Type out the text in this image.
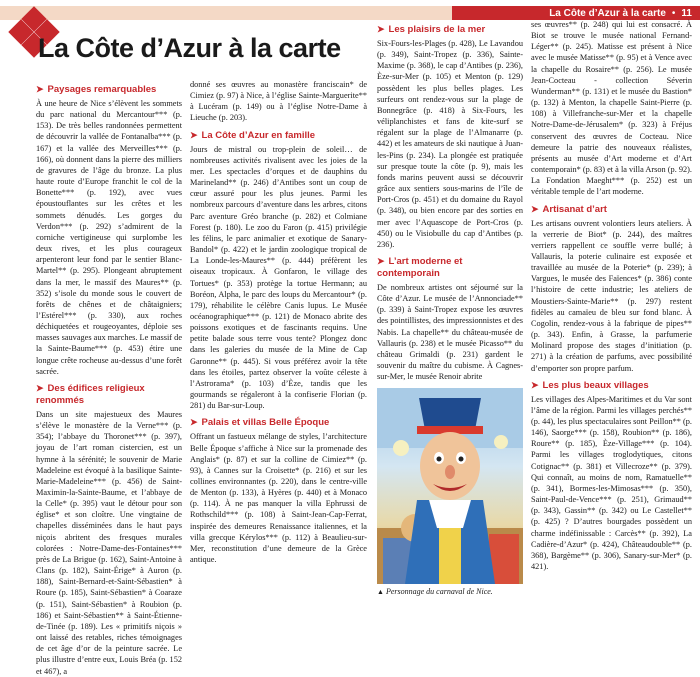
La Côte d’Azur à la carte • 11
La Côte d’Azur à la carte
➤ Paysages remarquables

À une heure de Nice s’élèvent les sommets du parc national du Mercantour*** (p. 153). De très belles randonnées permettent de découvrir la vallée de Fontanalba*** (p. 167) et la vallée des Merveilles*** (p. 166), où donnent dans la pierre des milliers de gravures de l’âge du bronze. La plus haute route d’Europe franchit le col de la Bonette*** (p. 192), avec vues époustouflantes sur les crêtes et les sommets dénudés. Les gorges du Verdon*** (p. 292) s’admirent de la corniche vertigineuse qui surplombe les deux rives, et les plus courageux arpenteront leur fond par le sentier Blanc-Martel** (p. 295). Plongeant abruptement dans la mer, le massif des Maures** (p. 352) s’isole du monde sous le couvert de forêts de chênes et de châtaigniers; l’Estérel*** (p. 330), aux roches déchiquetées et rougeoyantes, déploie ses masses sauvages aux marches. Le massif de la Sainte-Baume*** (p. 453) étire une longue crête rocheuse au-dessus d’une forêt sacrée.

➤ Des édifices religieux renommés

Dans un site majestueux des Maures s’élève le monastère de la Verne*** (p. 354); l’abbaye du Thoronet*** (p. 397), joyau de l’art roman cistercien, est un hymne à la sérénité; le souvenir de Marie Madeleine est évoqué à la basilique Sainte-Marie-Madeleine*** (p. 456) de Saint-Maximin-la-Sainte-Baume, et l’abbaye de la Celle* (p. 395) vaut le détour pour son église* et son cloître. Une vingtaine de chapelles disséminées dans le haut pays niçois abritent des fresques murales colorées : Notre-Dame-des-Fontaines*** près de La Brigue (p. 162), Saint-Antoine à Clans (p. 182), Saint-Érige* à Auron (p. 188), Saint-Bernard-et-Saint-Sébastien* à Roure (p. 185), Saint-Sébastien* à Coaraze (p. 151), Saint-Sébastien* à Roubion (p. 186) et Saint-Sébastien** à Saint-Étienne-de-Tinée (p. 189). Les « primitifs niçois » ont laissé des retables, riches témoignages de cet âge d’or de la peinture sacrée. Le plus illustre d’entre eux, Louis Bréa (p. 152 et 467), a

donné ses œuvres au monastère franciscain* de Cimiez (p. 97) à Nice, à l’église Sainte-Marguerite** à Lucéram (p. 149) ou à l’église Notre-Dame à Lieuche (p. 203).

➤ La Côte d’Azur en famille

Jours de mistral ou trop-plein de soleil… de nombreuses activités rivalisent avec les joies de la mer. Les spectacles d’orques et de dauphins du Marineland** (p. 246) d’Antibes sont un coup de cœur assuré pour les plus jeunes. Parmi les nombreux parcours d’aventure dans les arbres, citons Parc aventure Gréo branche (p. 282) et Colmiane Forest (p. 180). Le zoo du Faron (p. 415) privilégie les félins, le parc animalier et exotique de Sanary-Bandol* (p. 422) et le jardin zoologique tropical de La Londe-les-Maures** (p. 444) préfèrent les oiseaux tropicaux. À Gonfaron, le village des Tortues* (p. 353) protège la tortue Hermann; au Boréon, Alpha, le parc des loups du Mercantour* (p. 179), réhabilite le célèbre Canis lupus. Le Musée océanographique*** (p. 121) de Monaco abrite des poissons exotiques et de fascinants requins. Une petite balade sous terre vous tente? Plongez donc dans les galeries du musée de la Mine de Cap Garonne** (p. 445). Si vous préférez avoir la tête dans les étoiles, partez observer la voûte céleste à l’Astrorama* (p. 103) d’Èze, tandis que les gourmands se régaleront à la confiserie Florian (p. 281) du Bar-sur-Loup.

➤ Palais et villas Belle Époque

Offrant un fastueux mélange de styles, l’architecture Belle Époque s’affiche à Nice sur la promenade des Anglais* (p. 87) et sur la colline de Cimiez** (p. 93), à Cannes sur la Croisette* (p. 216) et sur les collines environnantes (p. 220), dans le centre-ville de Menton (p. 133), à Hyères (p. 440) et à Monaco (p. 114). À ne pas manquer la villa Ephrussi de Rothschild*** (p. 108) à Saint-Jean-Cap-Ferrat, inspirée des demeures Renaissance italiennes, et la villa grecque Kérylos*** (p. 112) à Beaulieu-sur-Mer, reconstitution d’une demeure de la Grèce antique.

➤ Les plaisirs de la mer

Six-Fours-les-Plages (p. 428), Le Lavandou (p. 349), Saint-Tropez (p. 336), Sainte-Maxime (p. 368), le cap d’Antibes (p. 236), Èze-sur-Mer (p. 105) et Menton (p. 129) possèdent les plus belles plages. Les surfeurs ont rendez-vous sur la plage de Bonnegrâce (p. 418) à Six-Fours, les véliplanchistes et fans de kite-surf se régalent sur la plage de l’Almanarre (p. 442) et les amateurs de ski nautique à Juan-les-Pins (p. 234). La plongée est pratiquée sur presque toute la côte (p. 9), mais les fonds marins peuvent aussi se découvrir grâce aux sentiers sous-marins de l’île de Port-Cros (p. 451) et du domaine du Rayol (p. 348), ou bien encore par des sorties en mer avec l’Aquascope de Port-Cros (p. 450) ou le Visiobulle du cap d’Antibes (p. 236).

➤ L’art moderne et contemporain

De nombreux artistes ont séjourné sur la Côte d’Azur. Le musée de l’Annonciade** (p. 339) à Saint-Tropez expose les œuvres des pointillistes, des impressionnistes et des Nabis. La chapelle** du château-musée de Vallauris (p. 238) et le musée Picasso** du château Grimaldi (p. 231) gardent le souvenir du maître du cubisme. À Cagnes-sur-Mer, le musée Renoir abrite

▲ Personnage du carnaval de Nice.

ses œuvres** (p. 248) qui lui est consacré. À Biot se trouve le musée national Fernand-Léger** (p. 245). Matisse est présent à Nice avec le musée Matisse** (p. 95) et à Vence avec la chapelle du Rosaire** (p. 256). Le musée Jean-Cocteau - collection Séverin Wunderman** (p. 131) et le musée du Bastion* (p. 132) à Menton, la chapelle Saint-Pierre (p. 108) à Villefranche-sur-Mer et la chapelle Notre-Dame-de-Jérusalem* (p. 323) à Fréjus conservent des œuvres de Cocteau. Nice demeure la patrie des nouveaux réalistes, présents au musée d’Art moderne et d’Art contemporain* (p. 83) et à la villa Arson (p. 92). La Fondation Maeght*** (p. 252) est un véritable temple de l’art moderne.

➤ Artisanat d’art

Les artisans ouvrent volontiers leurs ateliers. À la verrerie de Biot* (p. 244), des maîtres verriers rappellent ce souffle verre bullé; à Vallauris, la poterie culinaire est exposée et travaillée au musée de la Poterie* (p. 239); à Vargues, le musée des Faïences* (p. 386) conte l’histoire de cette industrie; les ateliers de Moustiers-Sainte-Marie** (p. 297) restent fidèles au camaïeu de bleu sur fond blanc. À Cogolin, rendez-vous à la fabrique de pipes** (p. 343). Enfin, à Grasse, la parfumerie Molinard propose des stages d’initiation (p. 271) à la création de parfums, avec possibilité d’emporter son propre parfum.

➤ Les plus beaux villages

Les villages des Alpes-Maritimes et du Var sont l’âme de la région. Parmi les villages perchés** (p. 44), les plus spectaculaires sont Peillon** (p. 146), Saorge*** (p. 158), Roubion** (p. 186), Roure** (p. 185), Èze-Village*** (p. 104). Parmi les villages troglodytiques, citons Cotignac** (p. 381) et Villecroze** (p. 379). Qui connaît, au moins de nom, Ramatuelle** (p. 341), Bormes-les-Mimosas*** (p. 350), Saint-Paul-de-Vence*** (p. 251), Grimaud** (p. 343), Gassin** (p. 342) ou Le Castellet** (p. 425) ? D’autres bourgades possèdent un charme indéfinissable : Carcès** (p. 392), La Cadière-d’Azur* (p. 424), Châteaudouble** (p. 368), Bargème** (p. 306), Sanary-sur-Mer* (p. 421).
